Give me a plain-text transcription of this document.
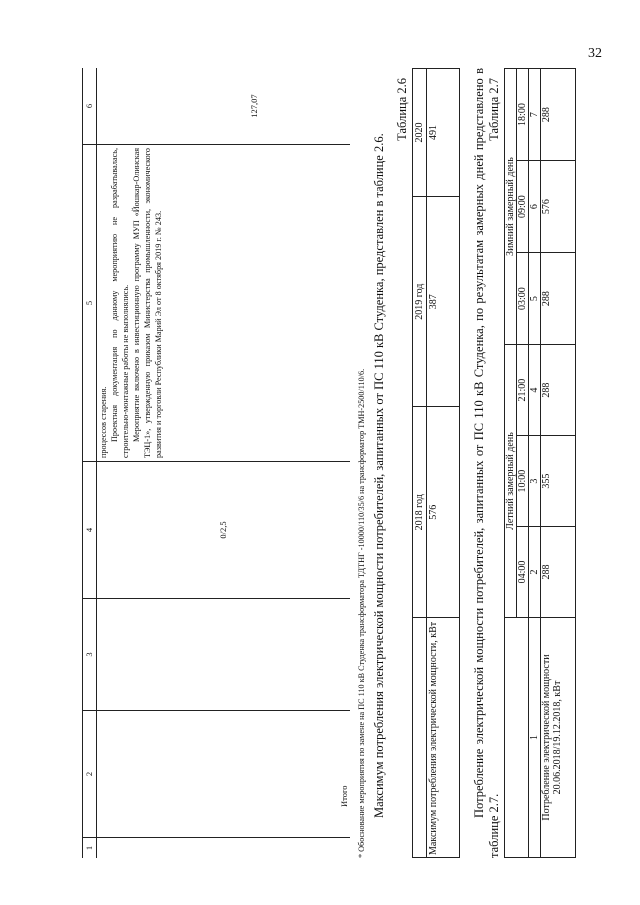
32
1	2	3	4	5	6
			0/2,5	процессов старения. Проектная документация по данному мероприятию не разрабатывалась, строительно-монтажные работы не выполнялись. Мероприятие включено в инвестиционную программу МУП «Йошкар-Олинская ТЭЦ-1», утвержденную приказом Министерства промышленности, экономического развития и торговли Республики Марий Эл от 8 октября 2019 г. № 243.	

	Итого				127,07
* Обоснование мероприятия по замене на ПС 110 кВ Студенка трансформатора ТДТНГ -10000/110/35/6 на трансформатор ТМН-2500/110/6. Максимум потребления электрической мощности потребителей, запитанных от ПС 110 кВ Студенка, представлен в таблице 2.6.

Таблица 2.6
	2018 год	2019 год	2020
Максимум потребления электрической мощности, кВт	576	387	491	Потребление электрической мощности потребителей, запитанных от ПС 110 кВ Студенка, по результатам замерных дней представлено в таблице 2.7.

Таблица 2.7
	Летний замерный день			Зимний замерный день		
	04:00	10:00	21:00	03:00	09:00	18:00
1	2	3	4	5	6	7
Потребление электрической мощности 20.06.2018/19.12.2018, кВт	288	355	288	288	576	288
